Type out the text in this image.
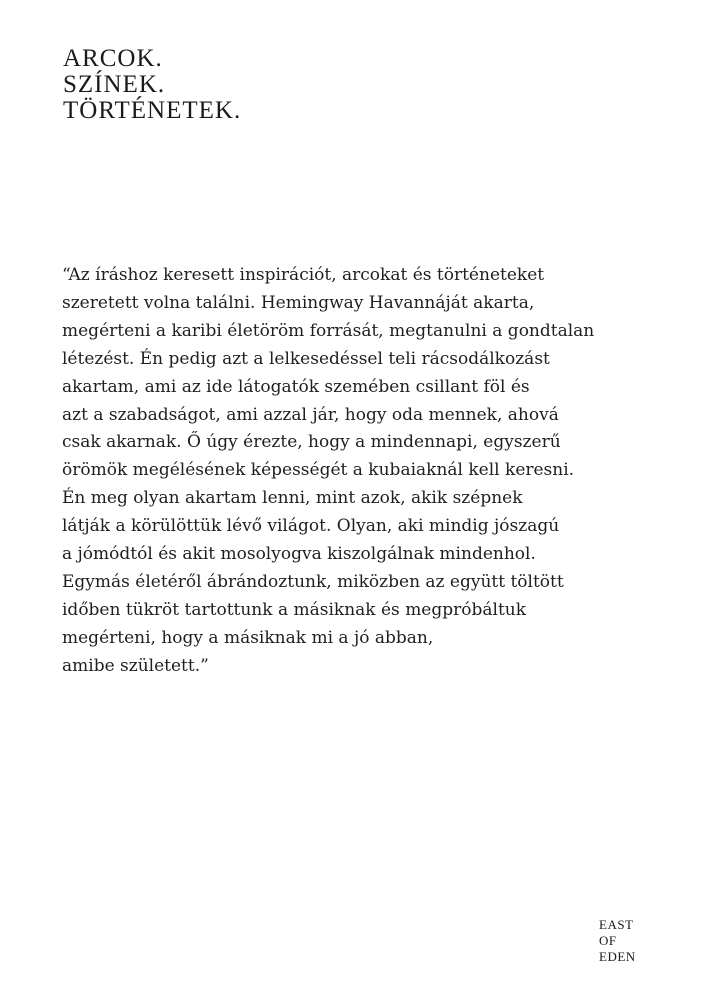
ARCOK.
SZÍNEK.
TÖRTÉNETEK.

“Az íráshoz keresett inspirációt, arcokat és történeteket
szeretett volna találni. Hemingway Havannáját akarta,
megérteni a karibi életöröm forrását, megtanulni a gondtalan
létezést. Én pedig azt a lelkesedéssel teli rácsodálkozást
akartam, ami az ide látogatók szemében csillant föl és
azt a szabadságot, ami azzal jár, hogy oda mennek, ahová
csak akarnak. Ő úgy érezte, hogy a mindennapi, egyszerű
örömök megélésének képességét a kubaiaknál kell keresni.
Én meg olyan akartam lenni, mint azok, akik szépnek
látják a körülöttük lévő világot. Olyan, aki mindig jószagú
a jómódtól és akit mosolyogva kiszolgálnak mindenhol.
Egymás életéről ábrándoztunk, miközben az együtt töltött
időben tükröt tartottunk a másiknak és megpróbáltuk
megérteni, hogy a másiknak mi a jó abban,
amibe született.”

EAST
OF
EDEN
